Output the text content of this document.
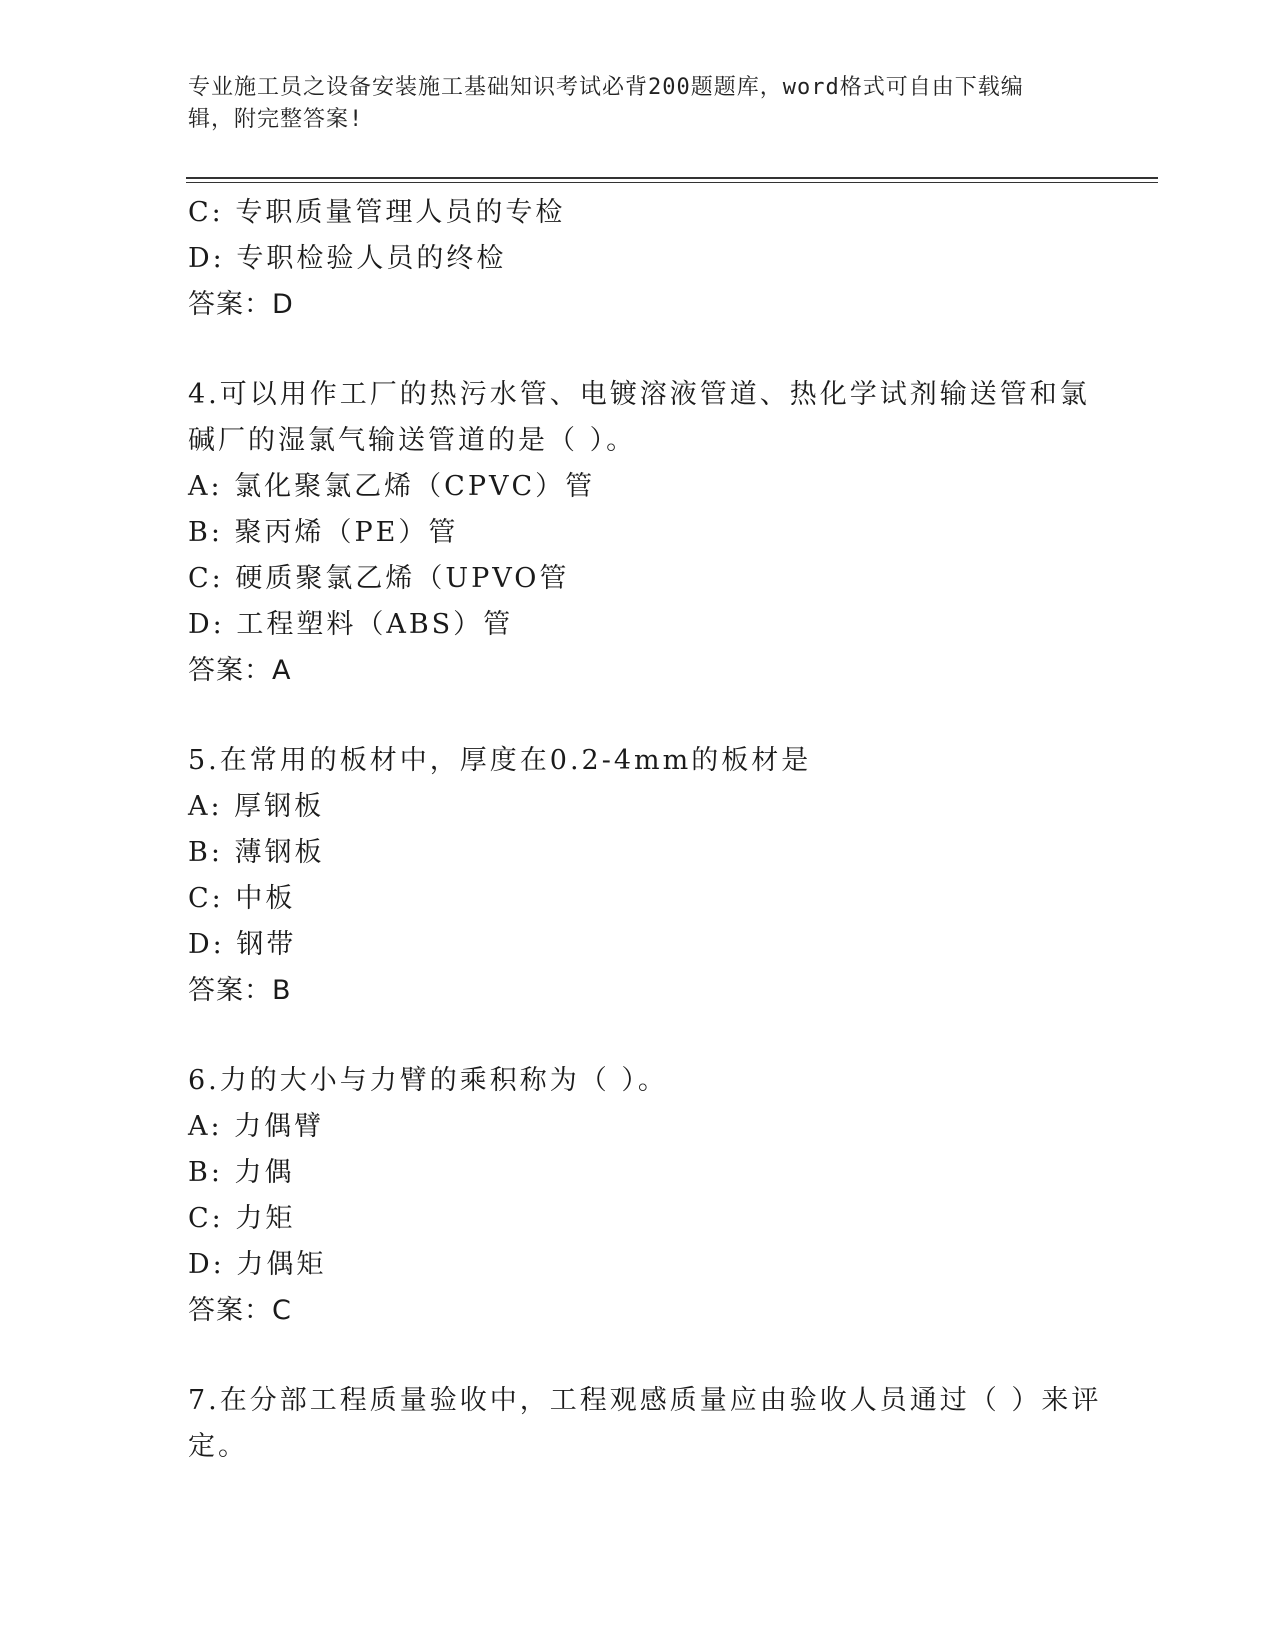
专业施工员之设备安装施工基础知识考试必背200题题库，word格式可自由下载编辑，附完整答案!
C: 专职质量管理人员的专检
D: 专职检验人员的终检
答案：D
4.可以用作工厂的热污水管、电镀溶液管道、热化学试剂输送管和氯
碱厂的湿氯气输送管道的是（ ）。
A: 氯化聚氯乙烯（CPVC）管
B: 聚丙烯（PE）管
C: 硬质聚氯乙烯（UPVO管
D: 工程塑料（ABS）管
答案：A
5.在常用的板材中，厚度在0.2-4mm的板材是
A: 厚钢板
B: 薄钢板
C: 中板
D: 钢带
答案：B
6.力的大小与力臂的乘积称为（ ）。
A: 力偶臂
B: 力偶
C: 力矩
D: 力偶矩
答案：C
7.在分部工程质量验收中，工程观感质量应由验收人员通过（ ）来评
定。
